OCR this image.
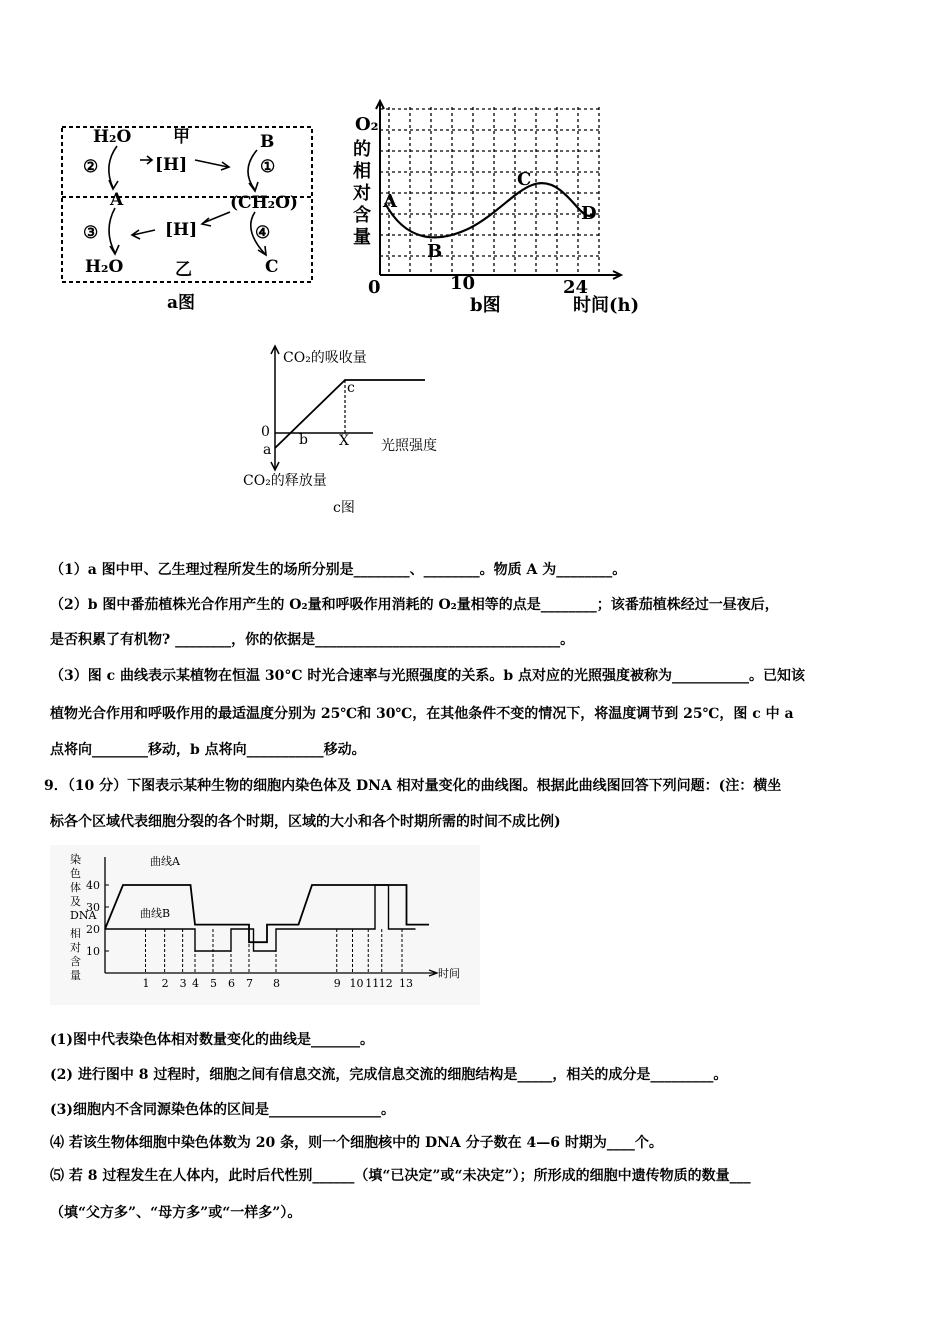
H₂O 甲	B
②	[H]	①
A	(CH₂O)
③	[H]	④
H₂O	乙	C
a图
O₂
的
相
对
含
量
A
B
C
D
0	10	24
b图	时间(h)
CO₂的吸收量
0
a
b
c
X 光照强度
CO₂的释放量
c图
（1）a 图中甲、乙生理过程所发生的场所分别是________、________。物质 A 为________。
（2）b 图中番茄植株光合作用产生的 O₂量和呼吸作用消耗的 O₂量相等的点是________；该番茄植株经过一昼夜后，
是否积累了有机物? ________，你的依据是___________________________________。
（3）图 c 曲线表示某植物在恒温 30°C 时光合速率与光照强度的关系。b 点对应的光照强度被称为___________。已知该
植物光合作用和呼吸作用的最适温度分别为 25℃和 30℃，在其他条件不变的情况下，将温度调节到 25℃，图 c 中 a
点将向________移动，b 点将向___________移动。
9．（10 分）下图表示某种生物的细胞内染色体及 DNA 相对量变化的曲线图。根据此曲线图回答下列问题：(注：横坐
标各个区域代表细胞分裂的各个时期，区域的大小和各个时期所需的时间不成比例)
染
色
体
及
DNA
相
对
含
量	时间
曲线A
曲线B
40
30
20
10
1 2 3 4 5 6 7 8	9 10 11 12 13
(1)图中代表染色体相对数量变化的曲线是_______。
(2) 进行图中 8 过程时，细胞之间有信息交流，完成信息交流的细胞结构是_____，相关的成分是_________。
(3)细胞内不含同源染色体的区间是________________。
⑷ 若该生物体细胞中染色体数为 20 条，则一个细胞核中的 DNA 分子数在 4—6 时期为____个。
⑸ 若 8 过程发生在人体内，此时后代性别______（填“已决定”或“未决定”）；所形成的细胞中遗传物质的数量___
（填“父方多”、“母方多”或“一样多”）。
